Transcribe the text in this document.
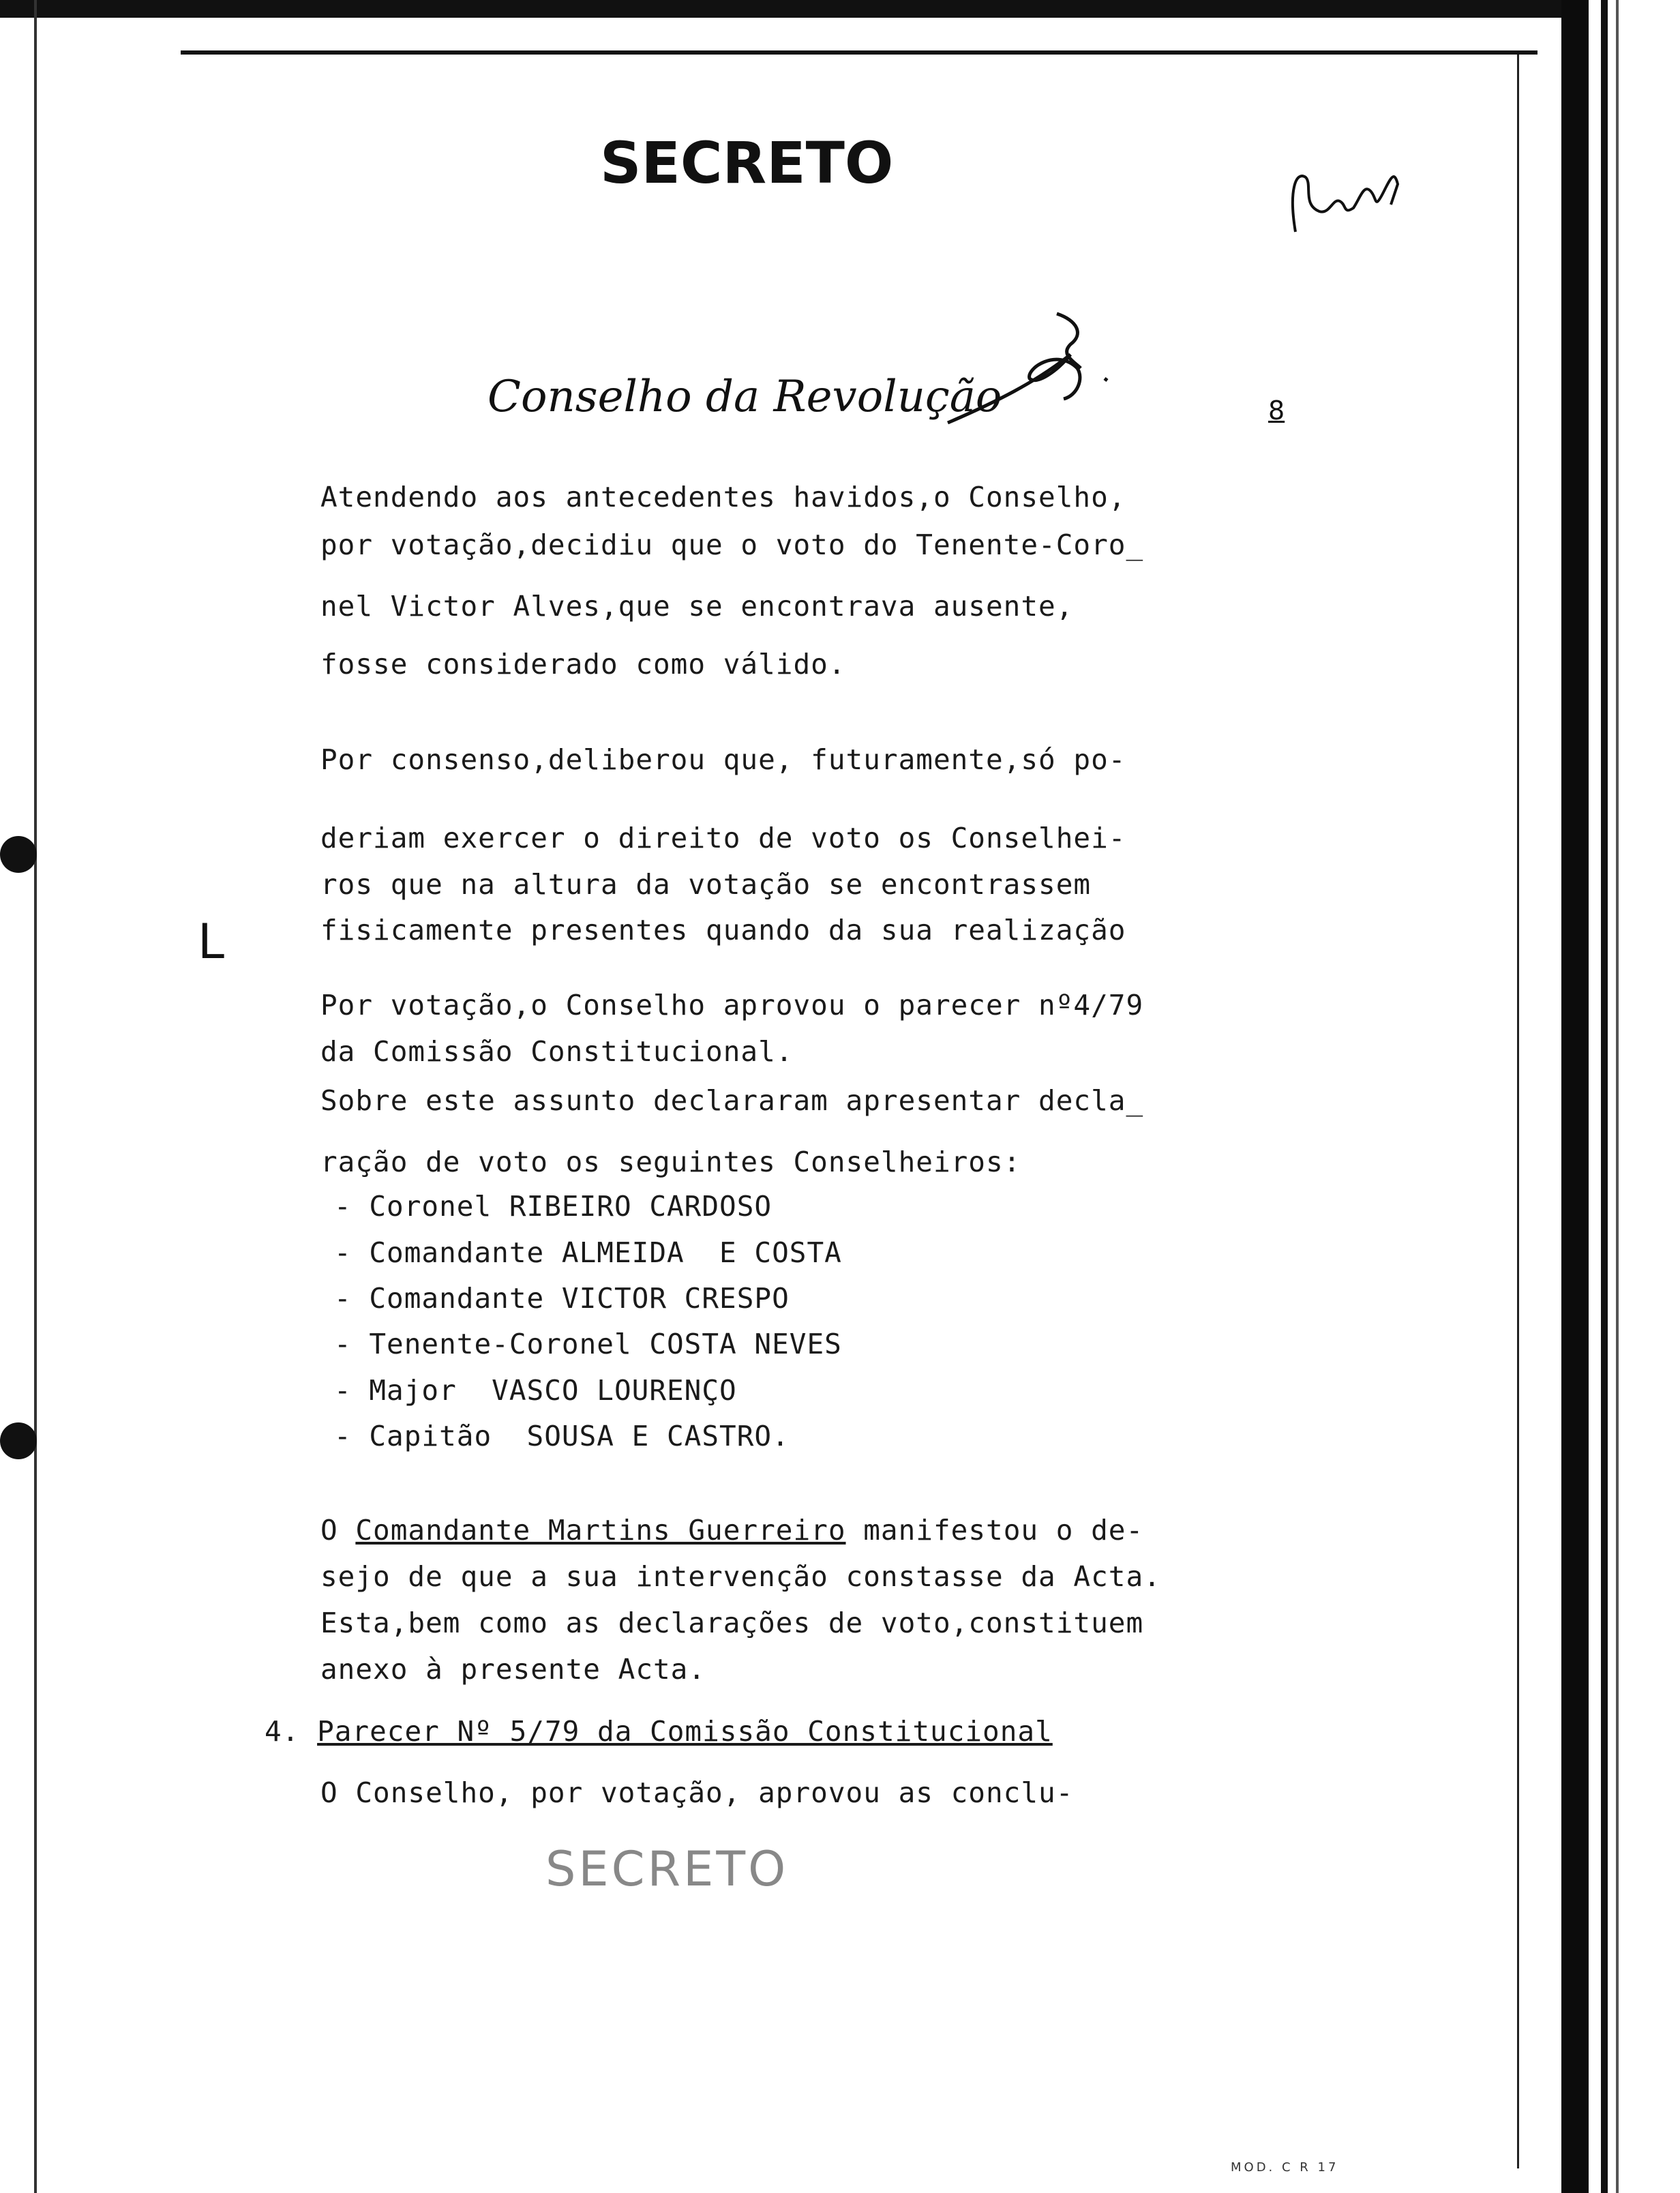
SECRETO
Conselho da Revolução	8
L
Atendendo aos antecedentes havidos,o Conselho,
por votação,decidiu que o voto do Tenente-Coro_
nel Victor Alves,que se encontrava ausente,
fosse considerado como válido.
Por consenso,deliberou que, futuramente,só po-
deriam exercer o direito de voto os Conselhei-
ros que na altura da votação se encontrassem
fisicamente presentes quando da sua realização
Por votação,o Conselho aprovou o parecer nº4/79
da Comissão Constitucional.
Sobre este assunto declararam apresentar decla_
ração de voto os seguintes Conselheiros:
- Coronel RIBEIRO CARDOSO
- Comandante ALMEIDA  E COSTA
- Comandante VICTOR CRESPO
- Tenente-Coronel COSTA NEVES
- Major  VASCO LOURENÇO
- Capitão  SOUSA E CASTRO.
O Comandante Martins Guerreiro manifestou o de-
sejo de que a sua intervenção constasse da Acta.
Esta,bem como as declarações de voto,constituem
anexo à presente Acta.
4. Parecer Nº 5/79 da Comissão Constitucional
O Conselho, por votação, aprovou as conclu-
SECRETO
MOD. C R 17
